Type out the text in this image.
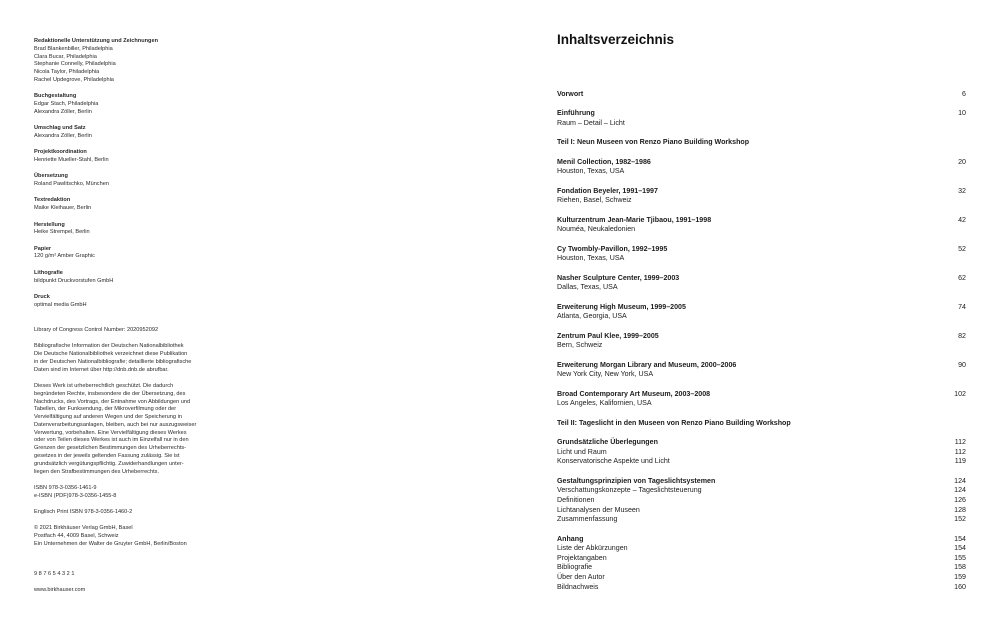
Redaktionelle Unterstützung und Zeichnungen
Brad Blankenbiller, Philadelphia
Clara Bucar, Philadelphia
Stephanie Connelly, Philadelphia
Nicola Taylor, Philadelphia
Rachel Updegrove, Philadelphia
Buchgestaltung
Edgar Stach, Philadelphia
Alexandra Zöller, Berlin
Umschlag und Satz
Alexandra Zöller, Berlin
Projektkoordination
Henriette Mueller-Stahl, Berlin
Übersetzung
Roland Pawlitschko, München
Textredaktion
Maike Kleihauer, Berlin
Herstellung
Heike Strempel, Berlin
Papier
120 g/m² Amber Graphic
Lithografie
bildpunkt Druckvorstufen GmbH
Druck
optimal media GmbH
Library of Congress Control Number: 2020952092
Bibliografische Information der Deutschen Nationalbibliothek
Die Deutsche Nationalbibliothek verzeichnet diese Publikation
in der Deutschen Nationalbibliografie; detaillierte bibliografische
Daten sind im Internet über http://dnb.dnb.de abrufbar.
Dieses Werk ist urheberrechtlich geschützt. Die dadurch
begründeten Rechte, insbesondere die der Übersetzung, des
Nachdrucks, des Vortrags, der Entnahme von Abbildungen und
Tabellen, der Funksendung, der Mikroverfilmung oder der
Vervielfältigung auf anderen Wegen und der Speicherung in
Datenverarbeitungsanlagen, bleiben, auch bei nur auszugsweiser
Verwertung, vorbehalten. Eine Vervielfältigung dieses Werkes
oder von Teilen dieses Werkes ist auch im Einzelfall nur in den
Grenzen der gesetzlichen Bestimmungen des Urheberrechts-
gesetzes in der jeweils geltenden Fassung zulässig. Sie ist
grundsätzlich vergütungspflichtig. Zuwiderhandlungen unter-
liegen den Strafbestimmungen des Urheberrechts.
ISBN 978-3-0356-1461-9
e-ISBN (PDF)978-3-0356-1455-8
Englisch Print ISBN 978-3-0356-1460-2
© 2021 Birkhäuser Verlag GmbH, Basel
Postfach 44, 4009 Basel, Schweiz
Ein Unternehmen der Walter de Gruyter GmbH, Berlin/Boston
9 8 7 6 5 4 3 2 1
www.birkhauser.com
Inhaltsverzeichnis
Vorwort	6
Einführung	10
Raum – Detail – Licht
Teil I: Neun Museen von Renzo Piano Building Workshop
Menil Collection, 1982–1986	20
Houston, Texas, USA
Fondation Beyeler, 1991–1997	32
Riehen, Basel, Schweiz
Kulturzentrum Jean-Marie Tjibaou, 1991–1998	42
Nouméa, Neukaledonien
Cy Twombly-Pavillon, 1992–1995	52
Houston, Texas, USA
Nasher Sculpture Center, 1999–2003	62
Dallas, Texas, USA
Erweiterung High Museum, 1999–2005	74
Atlanta, Georgia, USA
Zentrum Paul Klee, 1999–2005	82
Bern, Schweiz
Erweiterung Morgan Library and Museum, 2000–2006	90
New York City, New York, USA
Broad Contemporary Art Museum, 2003–2008	102
Los Angeles, Kalifornien, USA
Teil II: Tageslicht in den Museen von Renzo Piano Building Workshop
Grundsätzliche Überlegungen	112
Licht und Raum	112
Konservatorische Aspekte und Licht	119
Gestaltungsprinzipien von Tageslichtsystemen	124
Verschattungskonzepte – Tageslichtsteuerung	124
Definitionen	126
Lichtanalysen der Museen	128
Zusammenfassung	152
Anhang	154
Liste der Abkürzungen	154
Projektangaben	155
Bibliografie	158
Über den Autor	159
Bildnachweis	160
